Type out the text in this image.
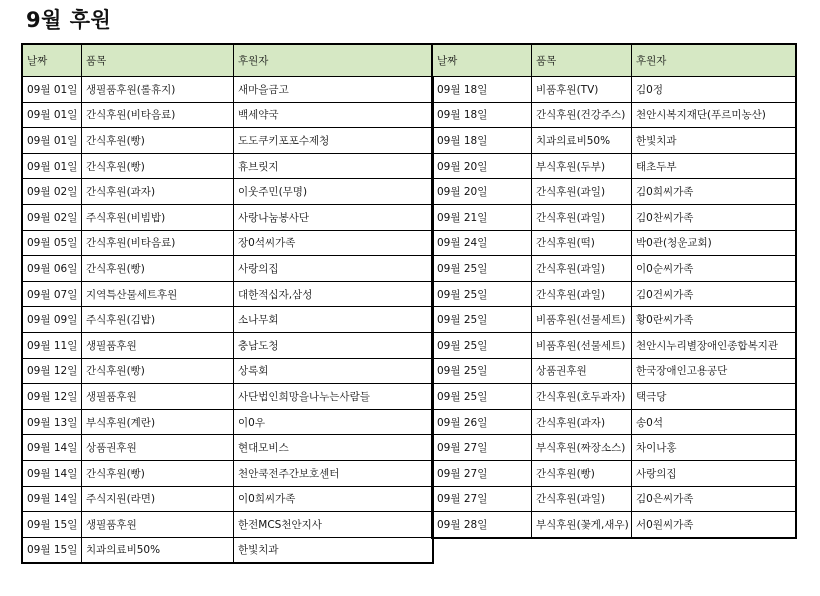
9월 후원
날짜	품목	후원자
09월 01일	생필품후원(롤휴지)	새마을금고
09월 01일	간식후원(비타음료)	백세약국
09월 01일	간식후원(빵)	도도쿠키포포수제청
09월 01일	간식후원(빵)	휴브릿지
09월 02일	간식후원(과자)	이웃주민(무명)
09월 02일	주식후원(비빔밥)	사랑나눔봉사단
09월 05일	간식후원(비타음료)	장0석씨가족
09월 06일	간식후원(빵)	사랑의집
09월 07일	지역특산물세트후원	대한적십자,삼성
09월 09일	주식후원(김밥)	소나무회
09월 11일	생필품후원	충남도청
09월 12일	간식후원(빵)	상록회
09월 12일	생필품후원	사단법인희망을나누는사람들
09월 13일	부식후원(계란)	이0우
09월 14일	상품권후원	현대모비스
09월 14일	간식후원(빵)	천안쿡전주간보호센터
09월 14일	주식지원(라면)	이0희씨가족
09월 15일	생필품후원	한전MCS천안지사
09월 15일	치과의료비50%	한빛치과
날짜	품목	후원자
09월 18일	비품후원(TV)	김0정
09월 18일	간식후원(건강주스)	천안시복지재단(푸르미농산)
09월 18일	치과의료비50%	한빛치과
09월 20일	부식후원(두부)	태초두부
09월 20일	간식후원(과일)	김0희씨가족
09월 21일	간식후원(과일)	김0찬씨가족
09월 24일	간식후원(떡)	박0관(청운교회)
09월 25일	간식후원(과일)	이0순씨가족
09월 25일	간식후원(과일)	김0건씨가족
09월 25일	비품후원(선물세트)	황0란씨가족
09월 25일	비품후원(선물세트)	천안시누리별장애인종합복지관
09월 25일	상품권후원	한국장애인고용공단
09월 25일	간식후원(호두과자)	택극당
09월 26일	간식후원(과자)	송0석
09월 27일	부식후원(짜장소스)	차이나홍
09월 27일	간식후원(빵)	사랑의집
09월 27일	간식후원(과일)	김0은씨가족
09월 28일	부식후원(꽃게,새우)	서0원씨가족
